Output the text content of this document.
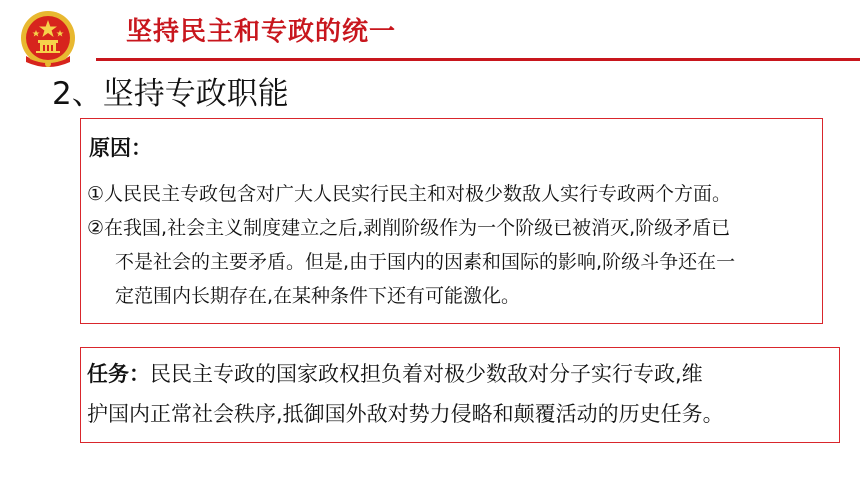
坚持民主和专政的统一
2、坚持专政职能
原因：
①人民民主专政包含对广大人民实行民主和对极少数敌人实行专政两个方面。
②在我国,社会主义制度建立之后,剥削阶级作为一个阶级已被消灭,阶级矛盾已
不是社会的主要矛盾。但是,由于国内的因素和国际的影响,阶级斗争还在一
定范围内长期存在,在某种条件下还有可能激化。
任务：民民主专政的国家政权担负着对极少数敌对分子实行专政,维
护国内正常社会秩序,抵御国外敌对势力侵略和颠覆活动的历史任务。
